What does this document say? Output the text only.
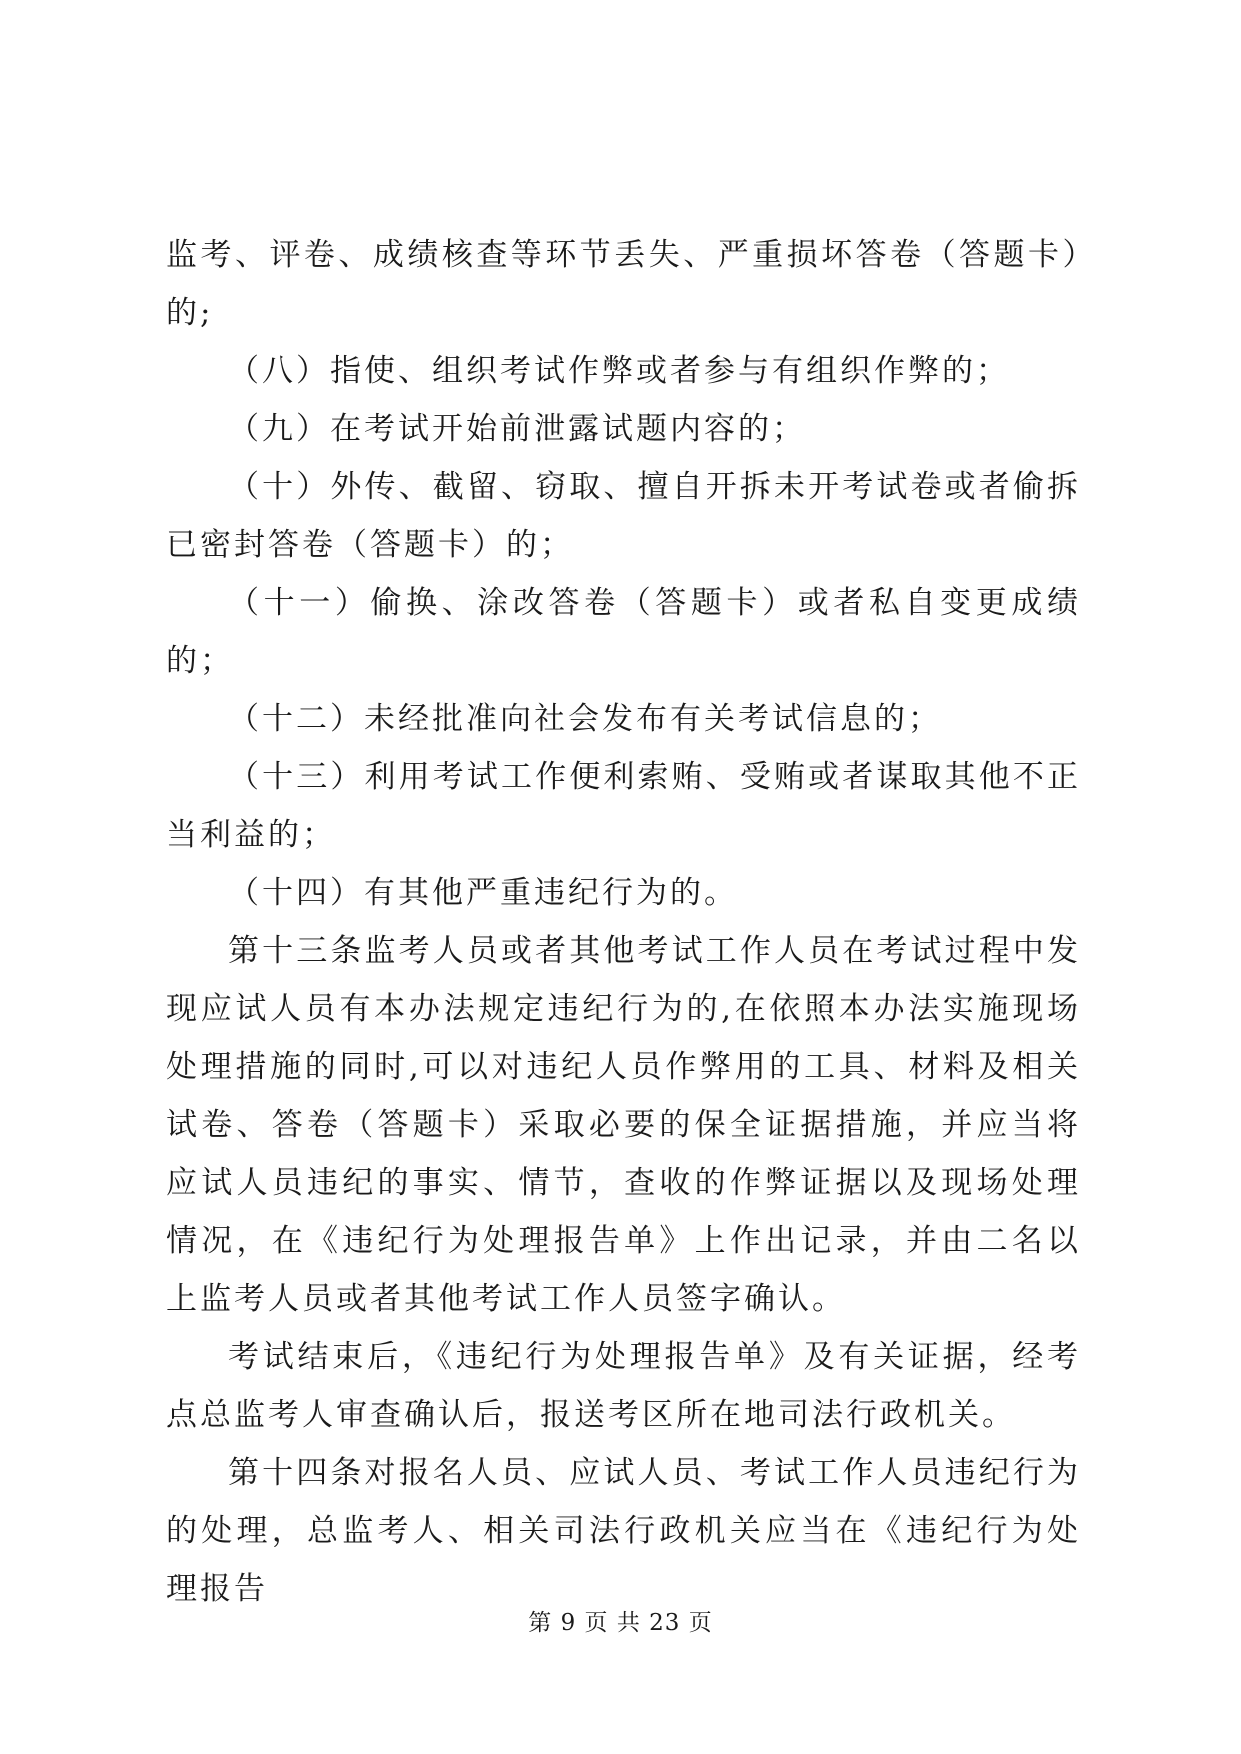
监考、评卷、成绩核查等环节丢失、严重损坏答卷（答题卡）的;

（八）指使、组织考试作弊或者参与有组织作弊的；

（九）在考试开始前泄露试题内容的；

（十）外传、截留、窃取、擅自开拆未开考试卷或者偷拆已密封答卷（答题卡）的；

（十一）偷换、涂改答卷（答题卡）或者私自变更成绩的；

（十二）未经批准向社会发布有关考试信息的；

（十三）利用考试工作便利索贿、受贿或者谋取其他不正当利益的；

（十四）有其他严重违纪行为的。

第十三条监考人员或者其他考试工作人员在考试过程中发现应试人员有本办法规定违纪行为的,在依照本办法实施现场处理措施的同时,可以对违纪人员作弊用的工具、材料及相关试卷、答卷（答题卡）采取必要的保全证据措施，并应当将应试人员违纪的事实、情节，查收的作弊证据以及现场处理情况，在《违纪行为处理报告单》上作出记录，并由二名以上监考人员或者其他考试工作人员签字确认。

考试结束后，《违纪行为处理报告单》及有关证据，经考点总监考人审查确认后，报送考区所在地司法行政机关。

第十四条对报名人员、应试人员、考试工作人员违纪行为的处理，总监考人、相关司法行政机关应当在《违纪行为处理报告

第 9 页 共 23 页
